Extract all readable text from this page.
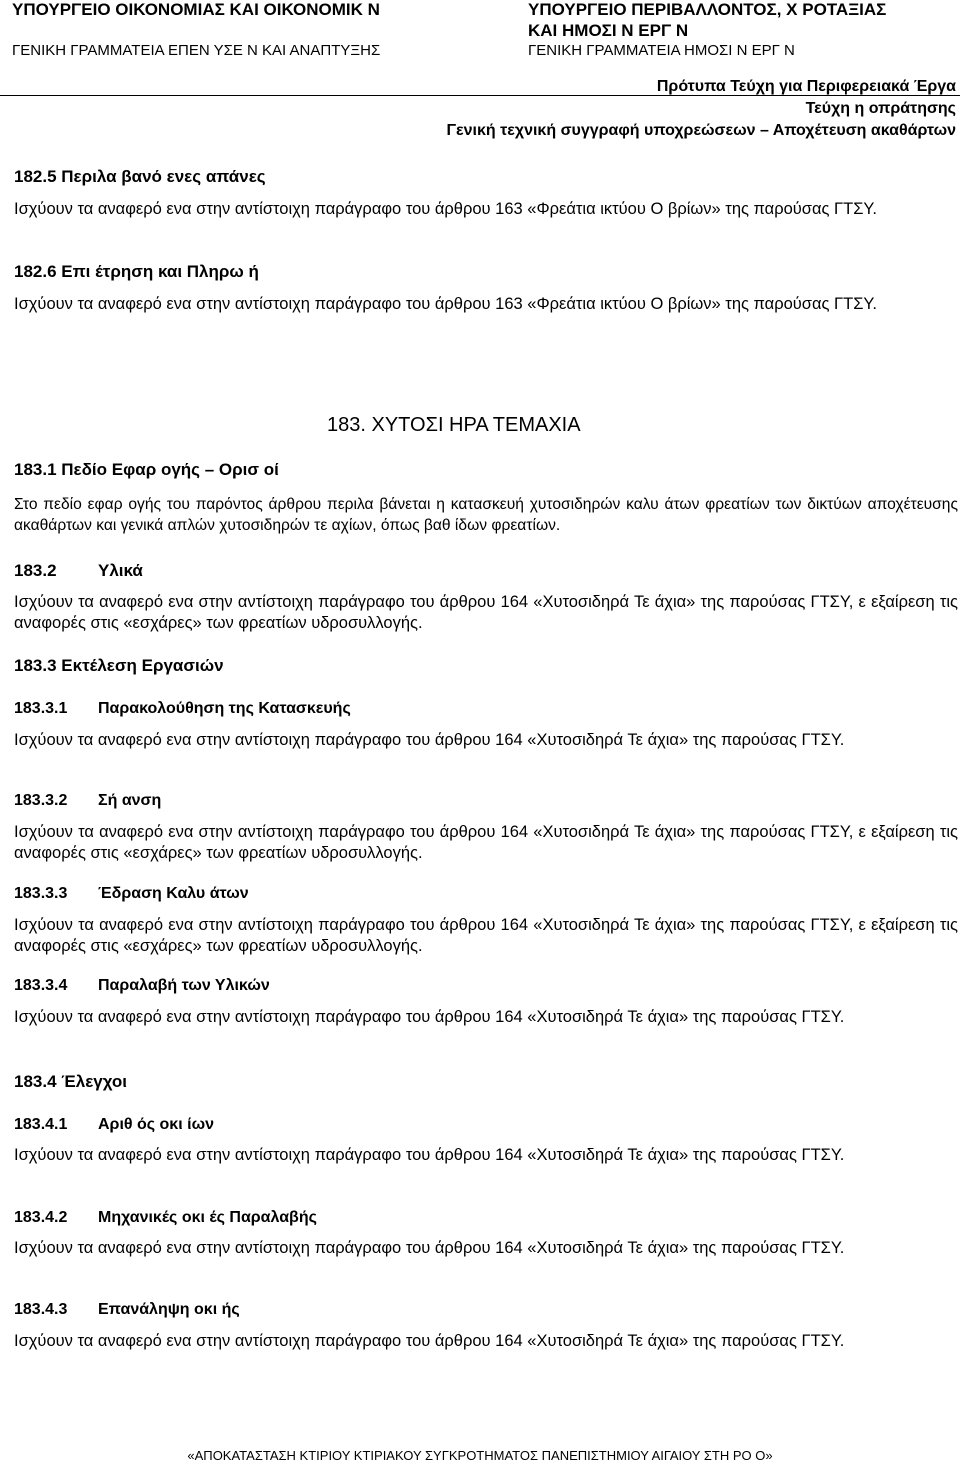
ΥΠΟΥΡΓΕΙΟ ΟΙΚΟΝΟΜΙΑΣ ΚΑΙ ΟΙΚΟΝΟΜΙΚ Ν
ΓΕΝΙΚΗ ΓΡΑΜΜΑΤΕΙΑ ΕΠΕΝ ΥΣΕ Ν ΚΑΙ ΑΝΑΠΤΥΞΗΣ
ΥΠΟΥΡΓΕΙΟ ΠΕΡΙΒΑΛΛΟΝΤΟΣ, Χ ΡΟΤΑΞΙΑΣ
ΚΑΙ ΗΜΟΣΙ Ν ΕΡΓ Ν
ΓΕΝΙΚΗ ΓΡΑΜΜΑΤΕΙΑ ΗΜΟΣΙ Ν ΕΡΓ Ν
Πρότυπα Τεύχη για Περιφερειακά Έργα
Τεύχη η οπράτησης
Γενική τεχνική συγγραφή υποχρεώσεων – Αποχέτευση ακαθάρτων
182.5 Περιλα βανό ενες απάνες
Ισχύουν τα αναφερό ενα στην αντίστοιχη παράγραφο του άρθρου 163 «Φρεάτια ικτύου Ο βρίων» της παρούσας ΓΤΣΥ.
182.6 Επι έτρηση και Πληρω ή
Ισχύουν τα αναφερό ενα στην αντίστοιχη παράγραφο του άρθρου 163 «Φρεάτια ικτύου Ο βρίων» της παρούσας ΓΤΣΥ.
183. ΧΥΤΟΣΙ ΗΡΑ ΤΕΜΑΧΙΑ
183.1 Πεδίο Εφαρ ογής – Ορισ οί
Στο πεδίο εφαρ ογής του παρόντος άρθρου περιλα βάνεται η κατασκευή χυτοσιδηρών καλυ άτων φρεατίων των δικτύων αποχέτευσης ακαθάρτων και γενικά απλών χυτοσιδηρών τε αχίων, όπως βαθ ίδων φρεατίων.
183.2 Υλικά
Ισχύουν τα αναφερό ενα στην αντίστοιχη παράγραφο του άρθρου 164 «Χυτοσιδηρά Τε άχια» της παρούσας ΓΤΣΥ, ε εξαίρεση τις αναφορές στις «εσχάρες» των φρεατίων υδροσυλλογής.
183.3 Εκτέλεση Εργασιών
183.3.1 Παρακολούθηση της Κατασκευής
Ισχύουν τα αναφερό ενα στην αντίστοιχη παράγραφο του άρθρου 164 «Χυτοσιδηρά Τε άχια» της παρούσας ΓΤΣΥ.
183.3.2 Σή ανση
Ισχύουν τα αναφερό ενα στην αντίστοιχη παράγραφο του άρθρου 164 «Χυτοσιδηρά Τε άχια» της παρούσας ΓΤΣΥ, ε εξαίρεση τις αναφορές στις «εσχάρες» των φρεατίων υδροσυλλογής.
183.3.3 Έδραση Καλυ άτων
Ισχύουν τα αναφερό ενα στην αντίστοιχη παράγραφο του άρθρου 164 «Χυτοσιδηρά Τε άχια» της παρούσας ΓΤΣΥ, ε εξαίρεση τις αναφορές στις «εσχάρες» των φρεατίων υδροσυλλογής.
183.3.4 Παραλαβή των Υλικών
Ισχύουν τα αναφερό ενα στην αντίστοιχη παράγραφο του άρθρου 164 «Χυτοσιδηρά Τε άχια» της παρούσας ΓΤΣΥ.
183.4 Έλεγχοι
183.4.1 Αριθ ός οκι ίων
Ισχύουν τα αναφερό ενα στην αντίστοιχη παράγραφο του άρθρου 164 «Χυτοσιδηρά Τε άχια» της παρούσας ΓΤΣΥ.
183.4.2 Μηχανικές οκι ές Παραλαβής
Ισχύουν τα αναφερό ενα στην αντίστοιχη παράγραφο του άρθρου 164 «Χυτοσιδηρά Τε άχια» της παρούσας ΓΤΣΥ.
183.4.3 Επανάληψη οκι ής
Ισχύουν τα αναφερό ενα στην αντίστοιχη παράγραφο του άρθρου 164 «Χυτοσιδηρά Τε άχια» της παρούσας ΓΤΣΥ.
«ΑΠΟΚΑΤΑΣΤΑΣΗ ΚΤΙΡΙΟΥ ΚΤΙΡΙΑΚΟΥ ΣΥΓΚΡΟΤΗΜΑΤΟΣ ΠΑΝΕΠΙΣΤΗΜΙΟΥ ΑΙΓΑΙΟΥ ΣΤΗ ΡΟ Ο»
